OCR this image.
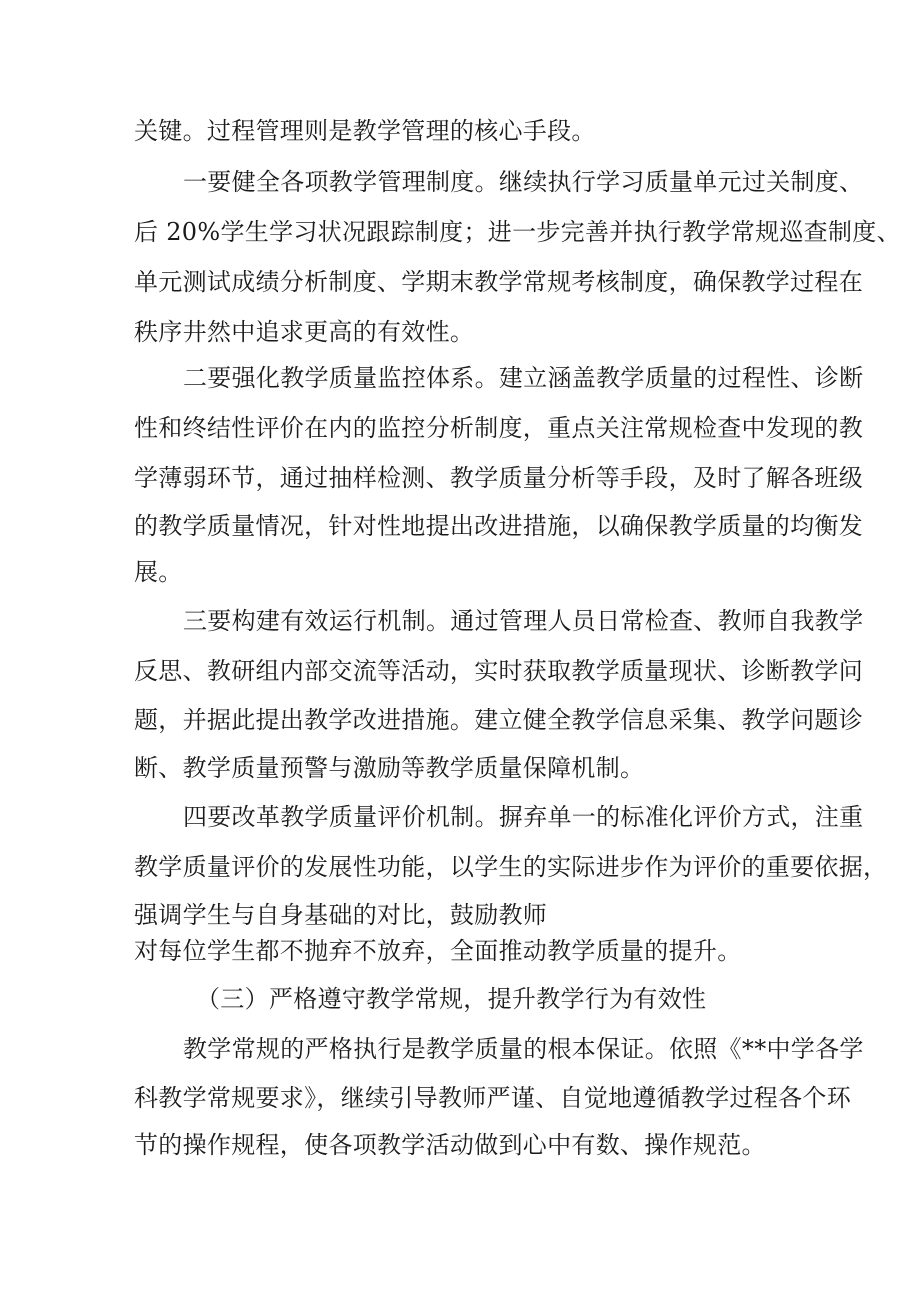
关键。过程管理则是教学管理的核心手段。
一要健全各项教学管理制度。继续执行学习质量单元过关制度、
后 20%学生学习状况跟踪制度；进一步完善并执行教学常规巡查制度、
单元测试成绩分析制度、学期末教学常规考核制度，确保教学过程在
秩序井然中追求更高的有效性。
二要强化教学质量监控体系。建立涵盖教学质量的过程性、诊断
性和终结性评价在内的监控分析制度，重点关注常规检查中发现的教
学薄弱环节，通过抽样检测、教学质量分析等手段，及时了解各班级
的教学质量情况，针对性地提出改进措施，以确保教学质量的均衡发
展。
三要构建有效运行机制。通过管理人员日常检查、教师自我教学
反思、教研组内部交流等活动，实时获取教学质量现状、诊断教学问
题，并据此提出教学改进措施。建立健全教学信息采集、教学问题诊
断、教学质量预警与激励等教学质量保障机制。
四要改革教学质量评价机制。摒弃单一的标准化评价方式，注重
教学质量评价的发展性功能，以学生的实际进步作为评价的重要依据，
强调学生与自身基础的对比，鼓励教师
对每位学生都不抛弃不放弃，全面推动教学质量的提升。
（三）严格遵守教学常规，提升教学行为有效性
教学常规的严格执行是教学质量的根本保证。依照《**中学各学
科教学常规要求》，继续引导教师严谨、自觉地遵循教学过程各个环
节的操作规程，使各项教学活动做到心中有数、操作规范。
